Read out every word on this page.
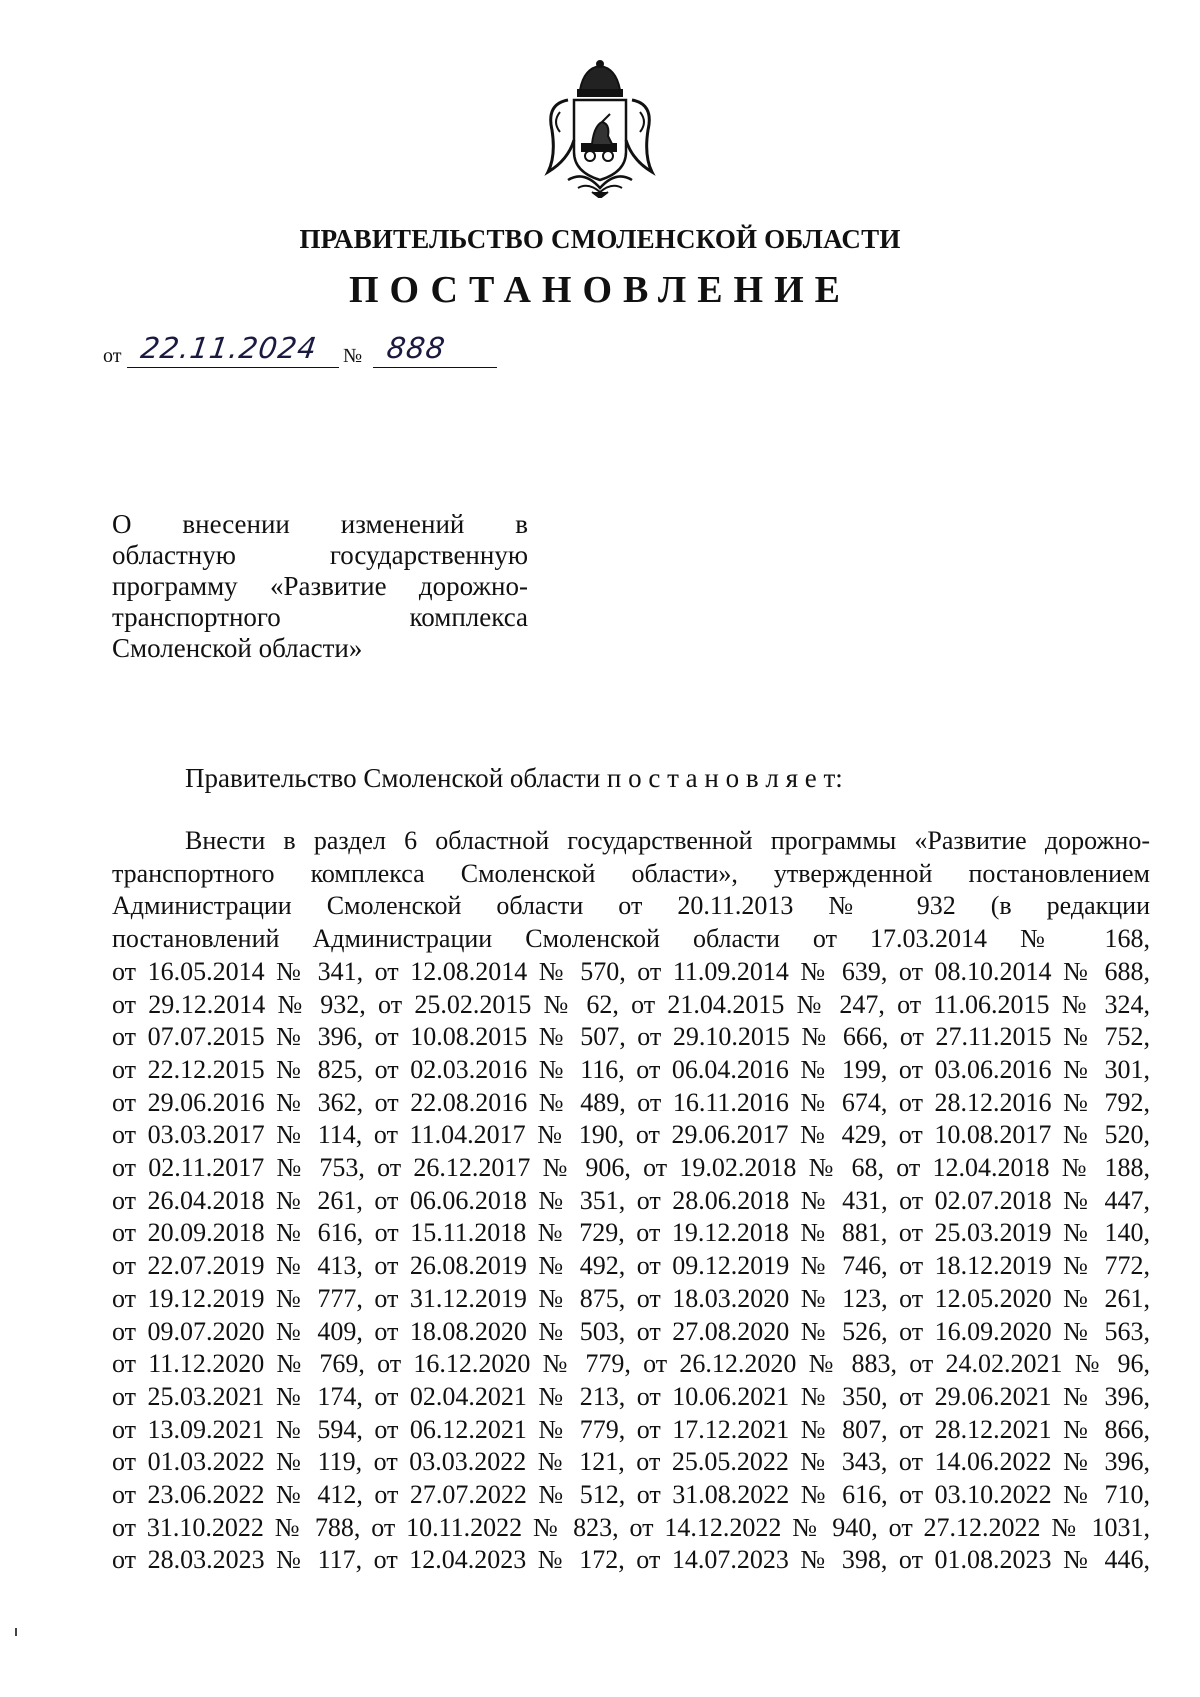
ПРАВИТЕЛЬСТВО СМОЛЕНСКОЙ ОБЛАСТИ
ПОСТАНОВЛЕНИЕ
от 22.11.2024 № 888
О внесении изменений в
областную государственную
программу «Развитие дорожно-
транспортного комплекса
Смоленской области»
Правительство Смоленской области п о с т а н о в л я е т:
Внести в раздел 6 областной государственной программы «Развитие дорожно-
транспортного комплекса Смоленской области», утвержденной постановлением
Администрации Смоленской области от 20.11.2013 № 932 (в редакции
постановлений Администрации Смоленской области от 17.03.2014 № 168,
от 16.05.2014 № 341, от 12.08.2014 № 570, от 11.09.2014 № 639, от 08.10.2014 № 688,
от 29.12.2014 № 932, от 25.02.2015 № 62, от 21.04.2015 № 247, от 11.06.2015 № 324,
от 07.07.2015 № 396, от 10.08.2015 № 507, от 29.10.2015 № 666, от 27.11.2015 № 752,
от 22.12.2015 № 825, от 02.03.2016 № 116, от 06.04.2016 № 199, от 03.06.2016 № 301,
от 29.06.2016 № 362, от 22.08.2016 № 489, от 16.11.2016 № 674, от 28.12.2016 № 792,
от 03.03.2017 № 114, от 11.04.2017 № 190, от 29.06.2017 № 429, от 10.08.2017 № 520,
от 02.11.2017 № 753, от 26.12.2017 № 906, от 19.02.2018 № 68, от 12.04.2018 № 188,
от 26.04.2018 № 261, от 06.06.2018 № 351, от 28.06.2018 № 431, от 02.07.2018 № 447,
от 20.09.2018 № 616, от 15.11.2018 № 729, от 19.12.2018 № 881, от 25.03.2019 № 140,
от 22.07.2019 № 413, от 26.08.2019 № 492, от 09.12.2019 № 746, от 18.12.2019 № 772,
от 19.12.2019 № 777, от 31.12.2019 № 875, от 18.03.2020 № 123, от 12.05.2020 № 261,
от 09.07.2020 № 409, от 18.08.2020 № 503, от 27.08.2020 № 526, от 16.09.2020 № 563,
от 11.12.2020 № 769, от 16.12.2020 № 779, от 26.12.2020 № 883, от 24.02.2021 № 96,
от 25.03.2021 № 174, от 02.04.2021 № 213, от 10.06.2021 № 350, от 29.06.2021 № 396,
от 13.09.2021 № 594, от 06.12.2021 № 779, от 17.12.2021 № 807, от 28.12.2021 № 866,
от 01.03.2022 № 119, от 03.03.2022 № 121, от 25.05.2022 № 343, от 14.06.2022 № 396,
от 23.06.2022 № 412, от 27.07.2022 № 512, от 31.08.2022 № 616, от 03.10.2022 № 710,
от 31.10.2022 № 788, от 10.11.2022 № 823, от 14.12.2022 № 940, от 27.12.2022 № 1031,
от 28.03.2023 № 117, от 12.04.2023 № 172, от 14.07.2023 № 398, от 01.08.2023 № 446,
